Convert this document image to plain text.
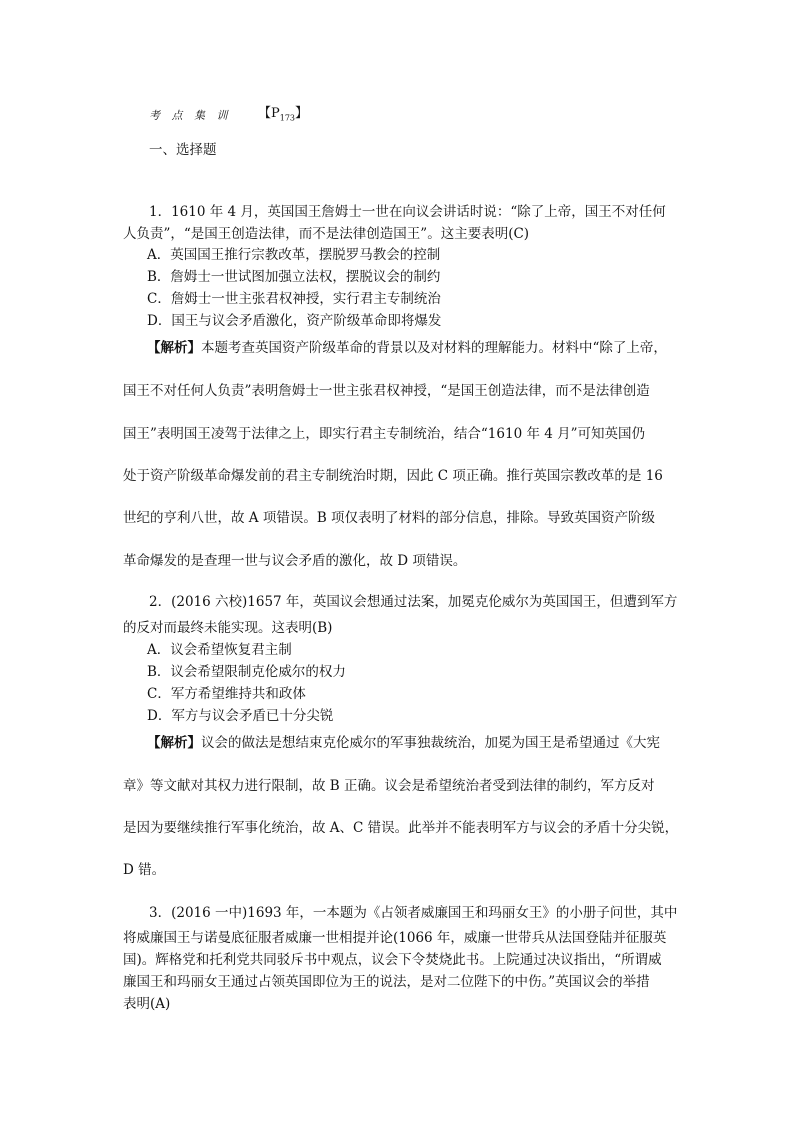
考 点 集 训 【$P_{173}$】
一、选择题
1．1610 年 4 月，英国国王詹姆士一世在向议会讲话时说：“除了上帝，国王不对任何
人负责”，“是国王创造法律，而不是法律创造国王”。这主要表明(C)
A．英国国王推行宗教改革，摆脱罗马教会的控制
B．詹姆士一世试图加强立法权，摆脱议会的制约
C．詹姆士一世主张君权神授，实行君主专制统治
D．国王与议会矛盾激化，资产阶级革命即将爆发
【解析】本题考查英国资产阶级革命的背景以及对材料的理解能力。材料中“除了上帝，
国王不对任何人负责”表明詹姆士一世主张君权神授，“是国王创造法律，而不是法律创造
国王”表明国王凌驾于法律之上，即实行君主专制统治，结合“1610 年 4 月”可知英国仍
处于资产阶级革命爆发前的君主专制统治时期，因此 C 项正确。推行英国宗教改革的是 16
世纪的亨利八世，故 A 项错误。B 项仅表明了材料的部分信息，排除。导致英国资产阶级
革命爆发的是查理一世与议会矛盾的激化，故 D 项错误。
2．(2016 六校)1657 年，英国议会想通过法案，加冕克伦威尔为英国国王，但遭到军方
的反对而最终未能实现。这表明(B)
A．议会希望恢复君主制
B．议会希望限制克伦威尔的权力
C．军方希望维持共和政体
D．军方与议会矛盾已十分尖锐
【解析】议会的做法是想结束克伦威尔的军事独裁统治，加冕为国王是希望通过《大宪
章》等文献对其权力进行限制，故 B 正确。议会是希望统治者受到法律的制约，军方反对
是因为要继续推行军事化统治，故 A、C 错误。此举并不能表明军方与议会的矛盾十分尖锐，
D 错。
3．(2016 一中)1693 年，一本题为《占领者威廉国王和玛丽女王》的小册子问世，其中
将威廉国王与诺曼底征服者威廉一世相提并论(1066 年，威廉一世带兵从法国登陆并征服英
国)。辉格党和托利党共同驳斥书中观点，议会下令焚烧此书。上院通过决议指出，“所谓威
廉国王和玛丽女王通过占领英国即位为王的说法，是对二位陛下的中伤。”英国议会的举措
表明(A)
